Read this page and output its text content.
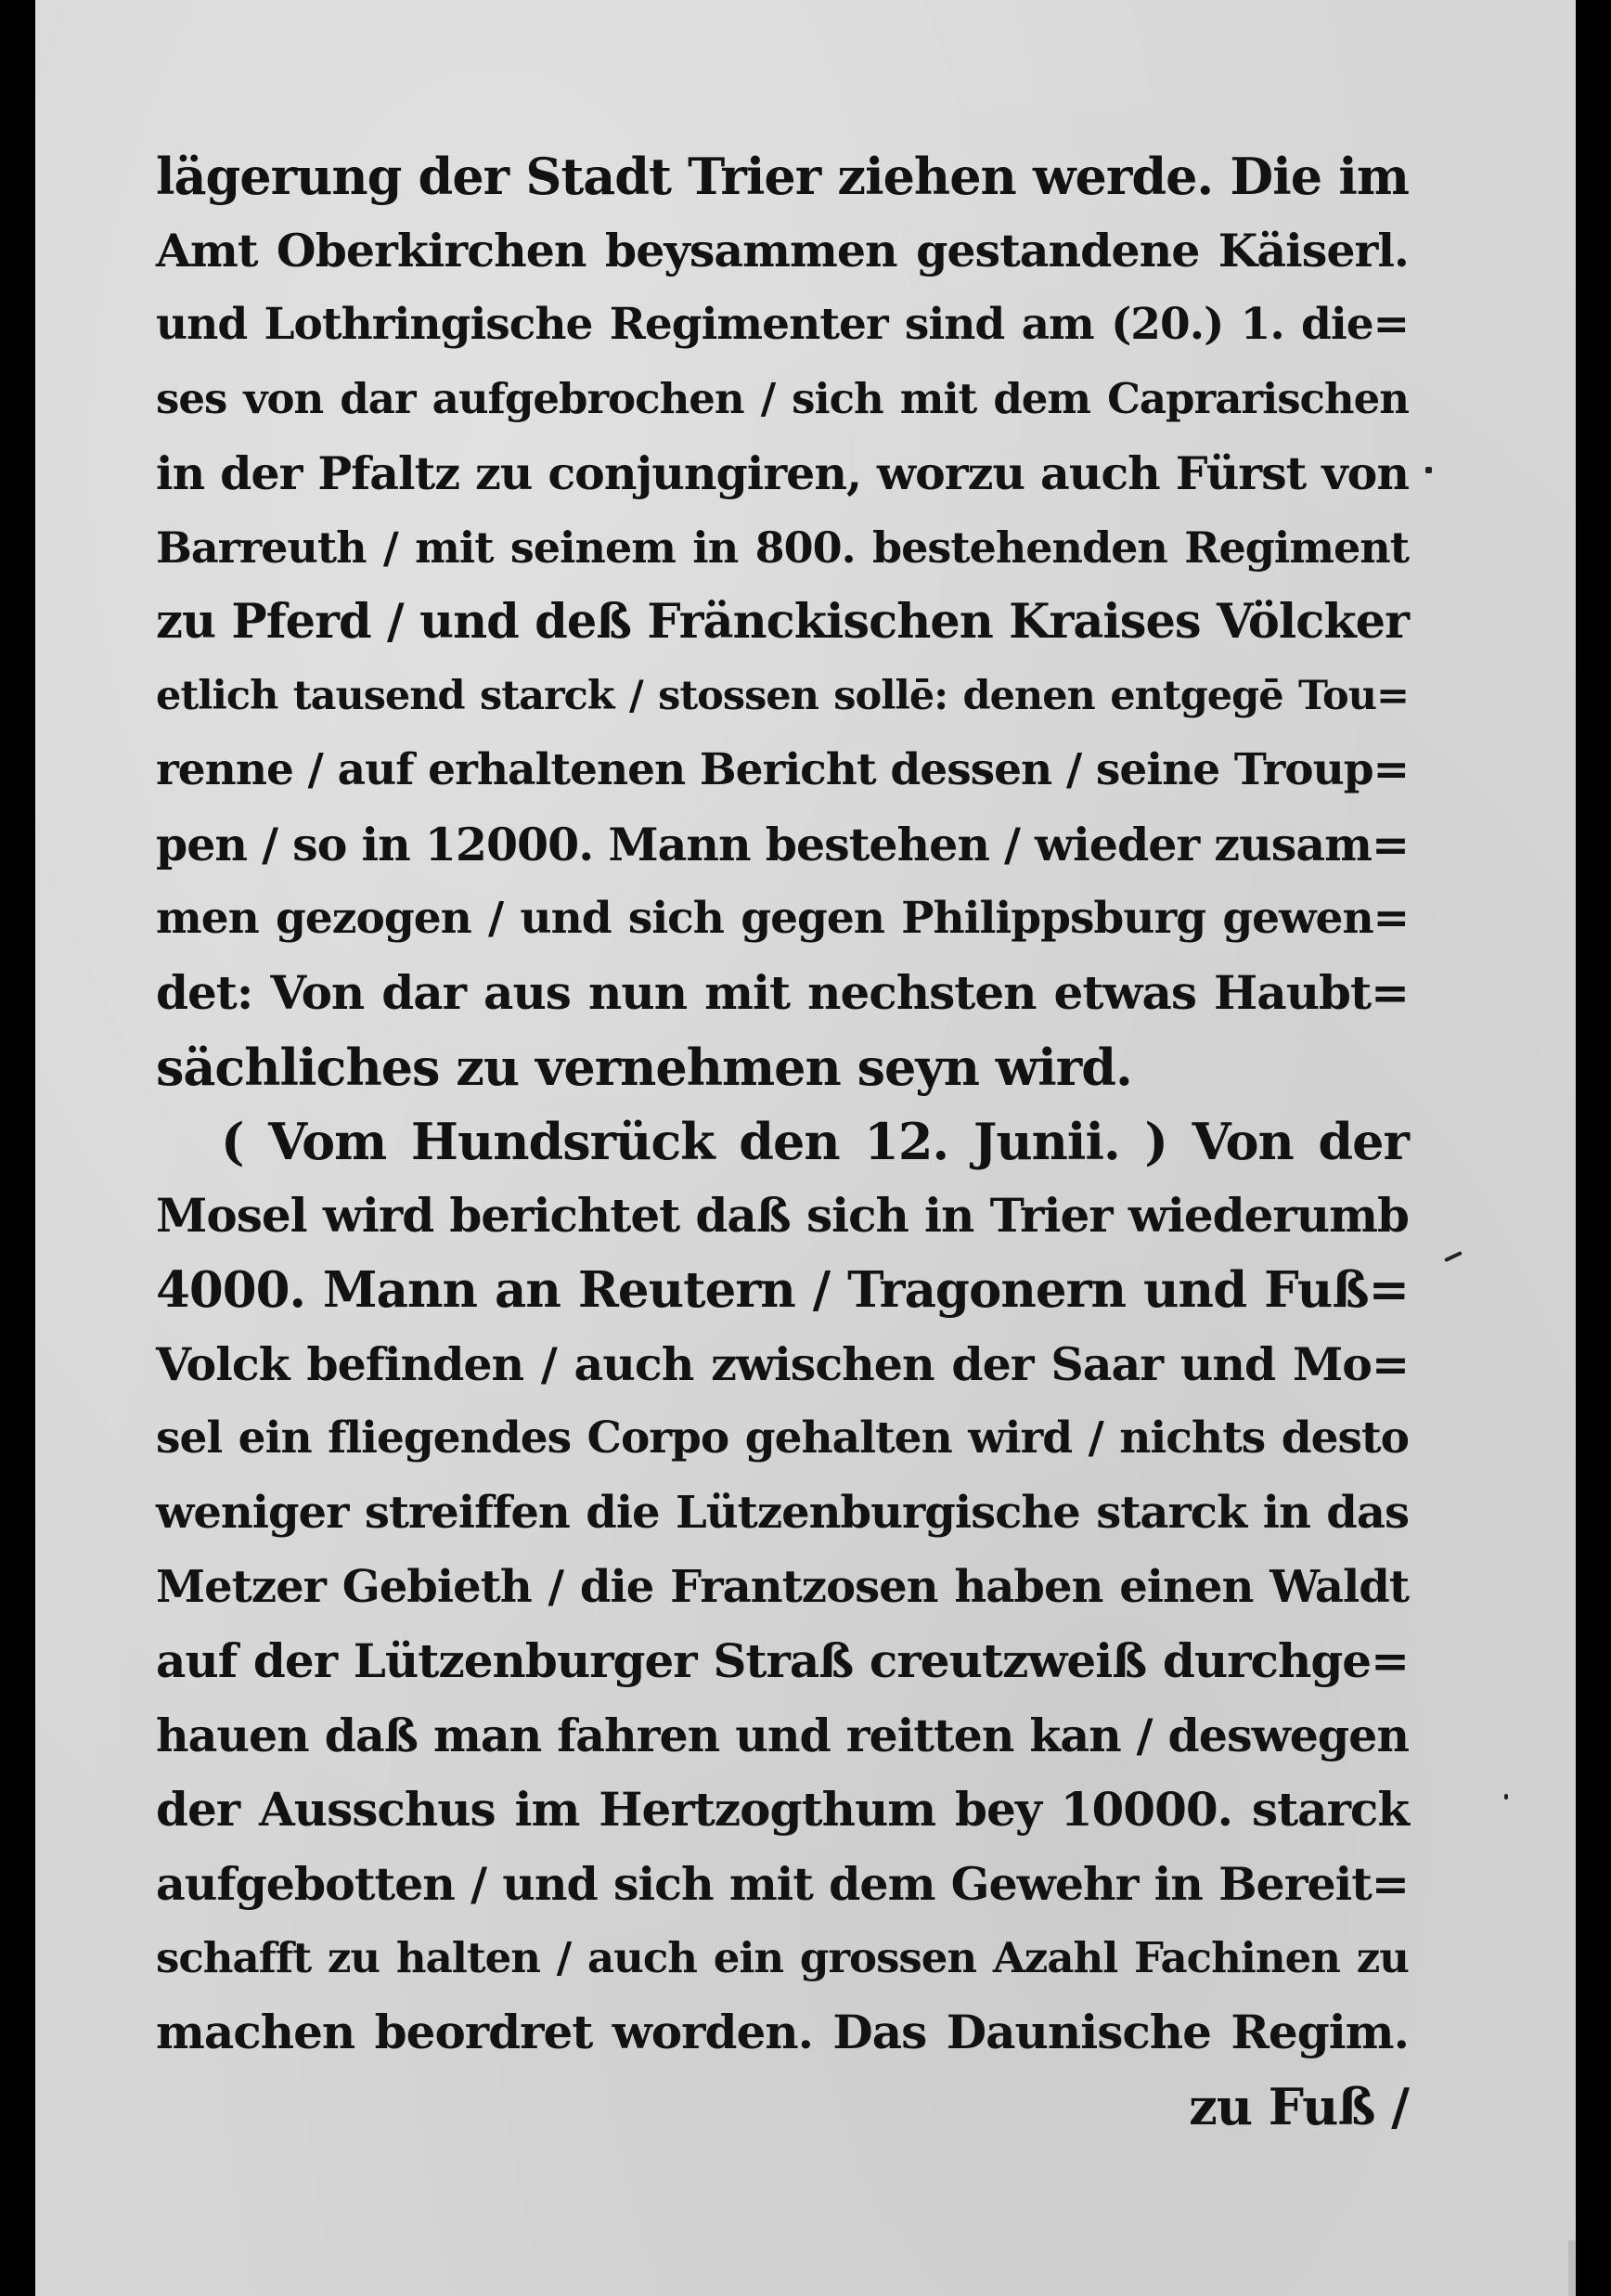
lägerung der Stadt Trier ziehen werde. Die im
Amt Oberkirchen beysammen gestandene Käiserl.
und Lothringische Regimenter sind am (20.) 1. die=
ses von dar aufgebrochen / sich mit dem Caprarischen
in der Pfaltz zu conjungiren, worzu auch Fürst von
Barreuth / mit seinem in 800. bestehenden Regiment
zu Pferd / und deß Fränckischen Kraises Völcker
etlich tausend starck / stossen sollē: denen entgegē Tou=
renne / auf erhaltenen Bericht dessen / seine Troup=
pen / so in 12000. Mann bestehen / wieder zusam=
men gezogen / und sich gegen Philippsburg gewen=
det: Von dar aus nun mit nechsten etwas Haubt=
sächliches zu vernehmen seyn wird.
( Vom Hundsrück den 12. Junii. ) Von der
Mosel wird berichtet daß sich in Trier wiederumb
4000. Mann an Reutern / Tragonern und Fuß=
Volck befinden / auch zwischen der Saar und Mo=
sel ein fliegendes Corpo gehalten wird / nichts desto
weniger streiffen die Lützenburgische starck in das
Metzer Gebieth / die Frantzosen haben einen Waldt
auf der Lützenburger Straß creutzweiß durchge=
hauen daß man fahren und reitten kan / deswegen
der Ausschus im Hertzogthum bey 10000. starck
aufgebotten / und sich mit dem Gewehr in Bereit=
schafft zu halten / auch ein grossen Azahl Fachinen zu
machen beordret worden. Das Daunische Regim.
zu Fuß /
